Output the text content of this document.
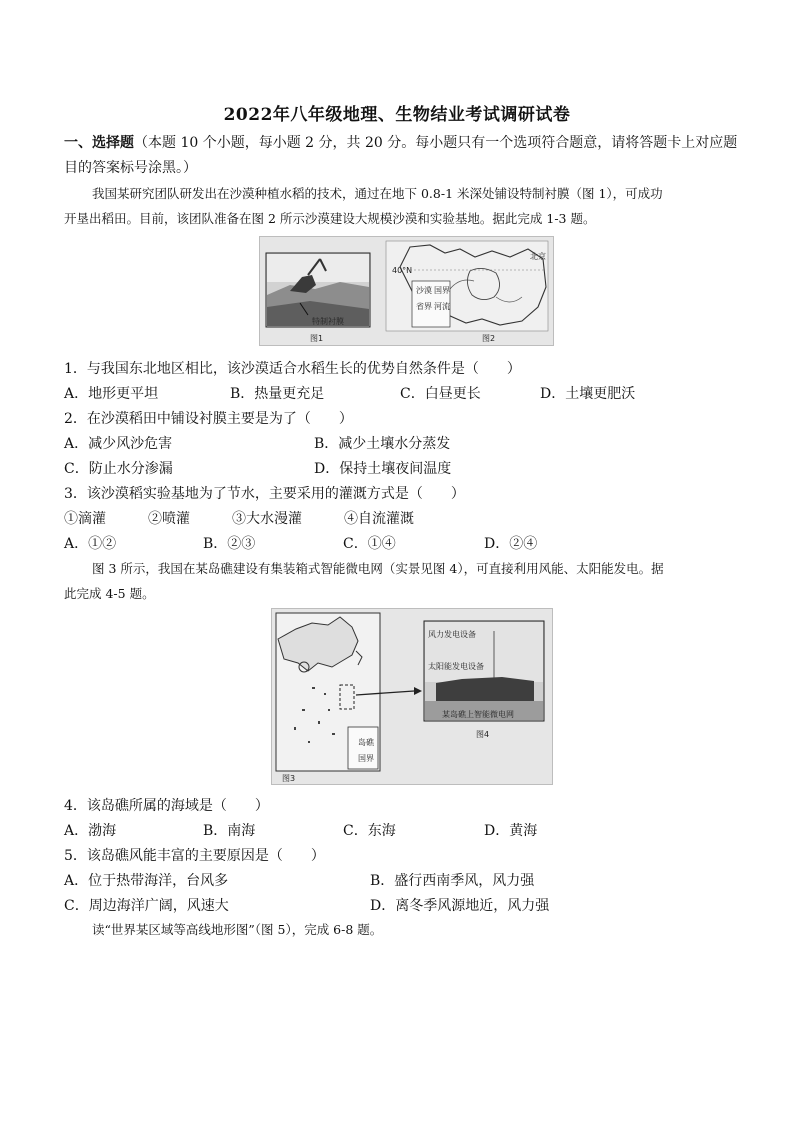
2022年八年级地理、生物结业考试调研试卷
一、选择题（本题 10 个小题，每小题 2 分，共 20 分。每小题只有一个选项符合题意，请将答题卡上对应题
目的答案标号涂黑。）
我国某研究团队研发出在沙漠种植水稻的技术，通过在地下 0.8-1 米深处铺设特制衬膜（图 1），可成功
开垦出稻田。目前，该团队准备在图 2 所示沙漠建设大规模沙漠和实验基地。据此完成 1-3 题。
特制衬膜
图1
40°N
北京
沙漠 国界
省界 河流
图2
1．与我国东北地区相比，该沙漠适合水稻生长的优势自然条件是（　　）
A．地形更平坦	B．热量更充足	C．白昼更长	D．土壤更肥沃
2．在沙漠稻田中铺设衬膜主要是为了（　　）
A．减少风沙危害	B．减少土壤水分蒸发
C．防止水分渗漏	D．保持土壤夜间温度
3．该沙漠稻实验基地为了节水，主要采用的灌溉方式是（　　）
①滴灌	②喷灌	③大水漫灌	④自流灌溉
A．①②	B．②③	C．①④	D．②④
图 3 所示，我国在某岛礁建设有集装箱式智能微电网（实景见图 4），可直接利用风能、太阳能发电。据
此完成 4-5 题。
岛礁
国界
图3
风力发电设备
太阳能发电设备
某岛礁上智能微电网
图4
4．该岛礁所属的海域是（　　）
A．渤海	B．南海	C．东海	D．黄海
5．该岛礁风能丰富的主要原因是（　　）
A．位于热带海洋，台风多	B．盛行西南季风，风力强
C．周边海洋广阔，风速大	D．离冬季风源地近，风力强
读“世界某区域等高线地形图”（图 5），完成 6-8 题。
